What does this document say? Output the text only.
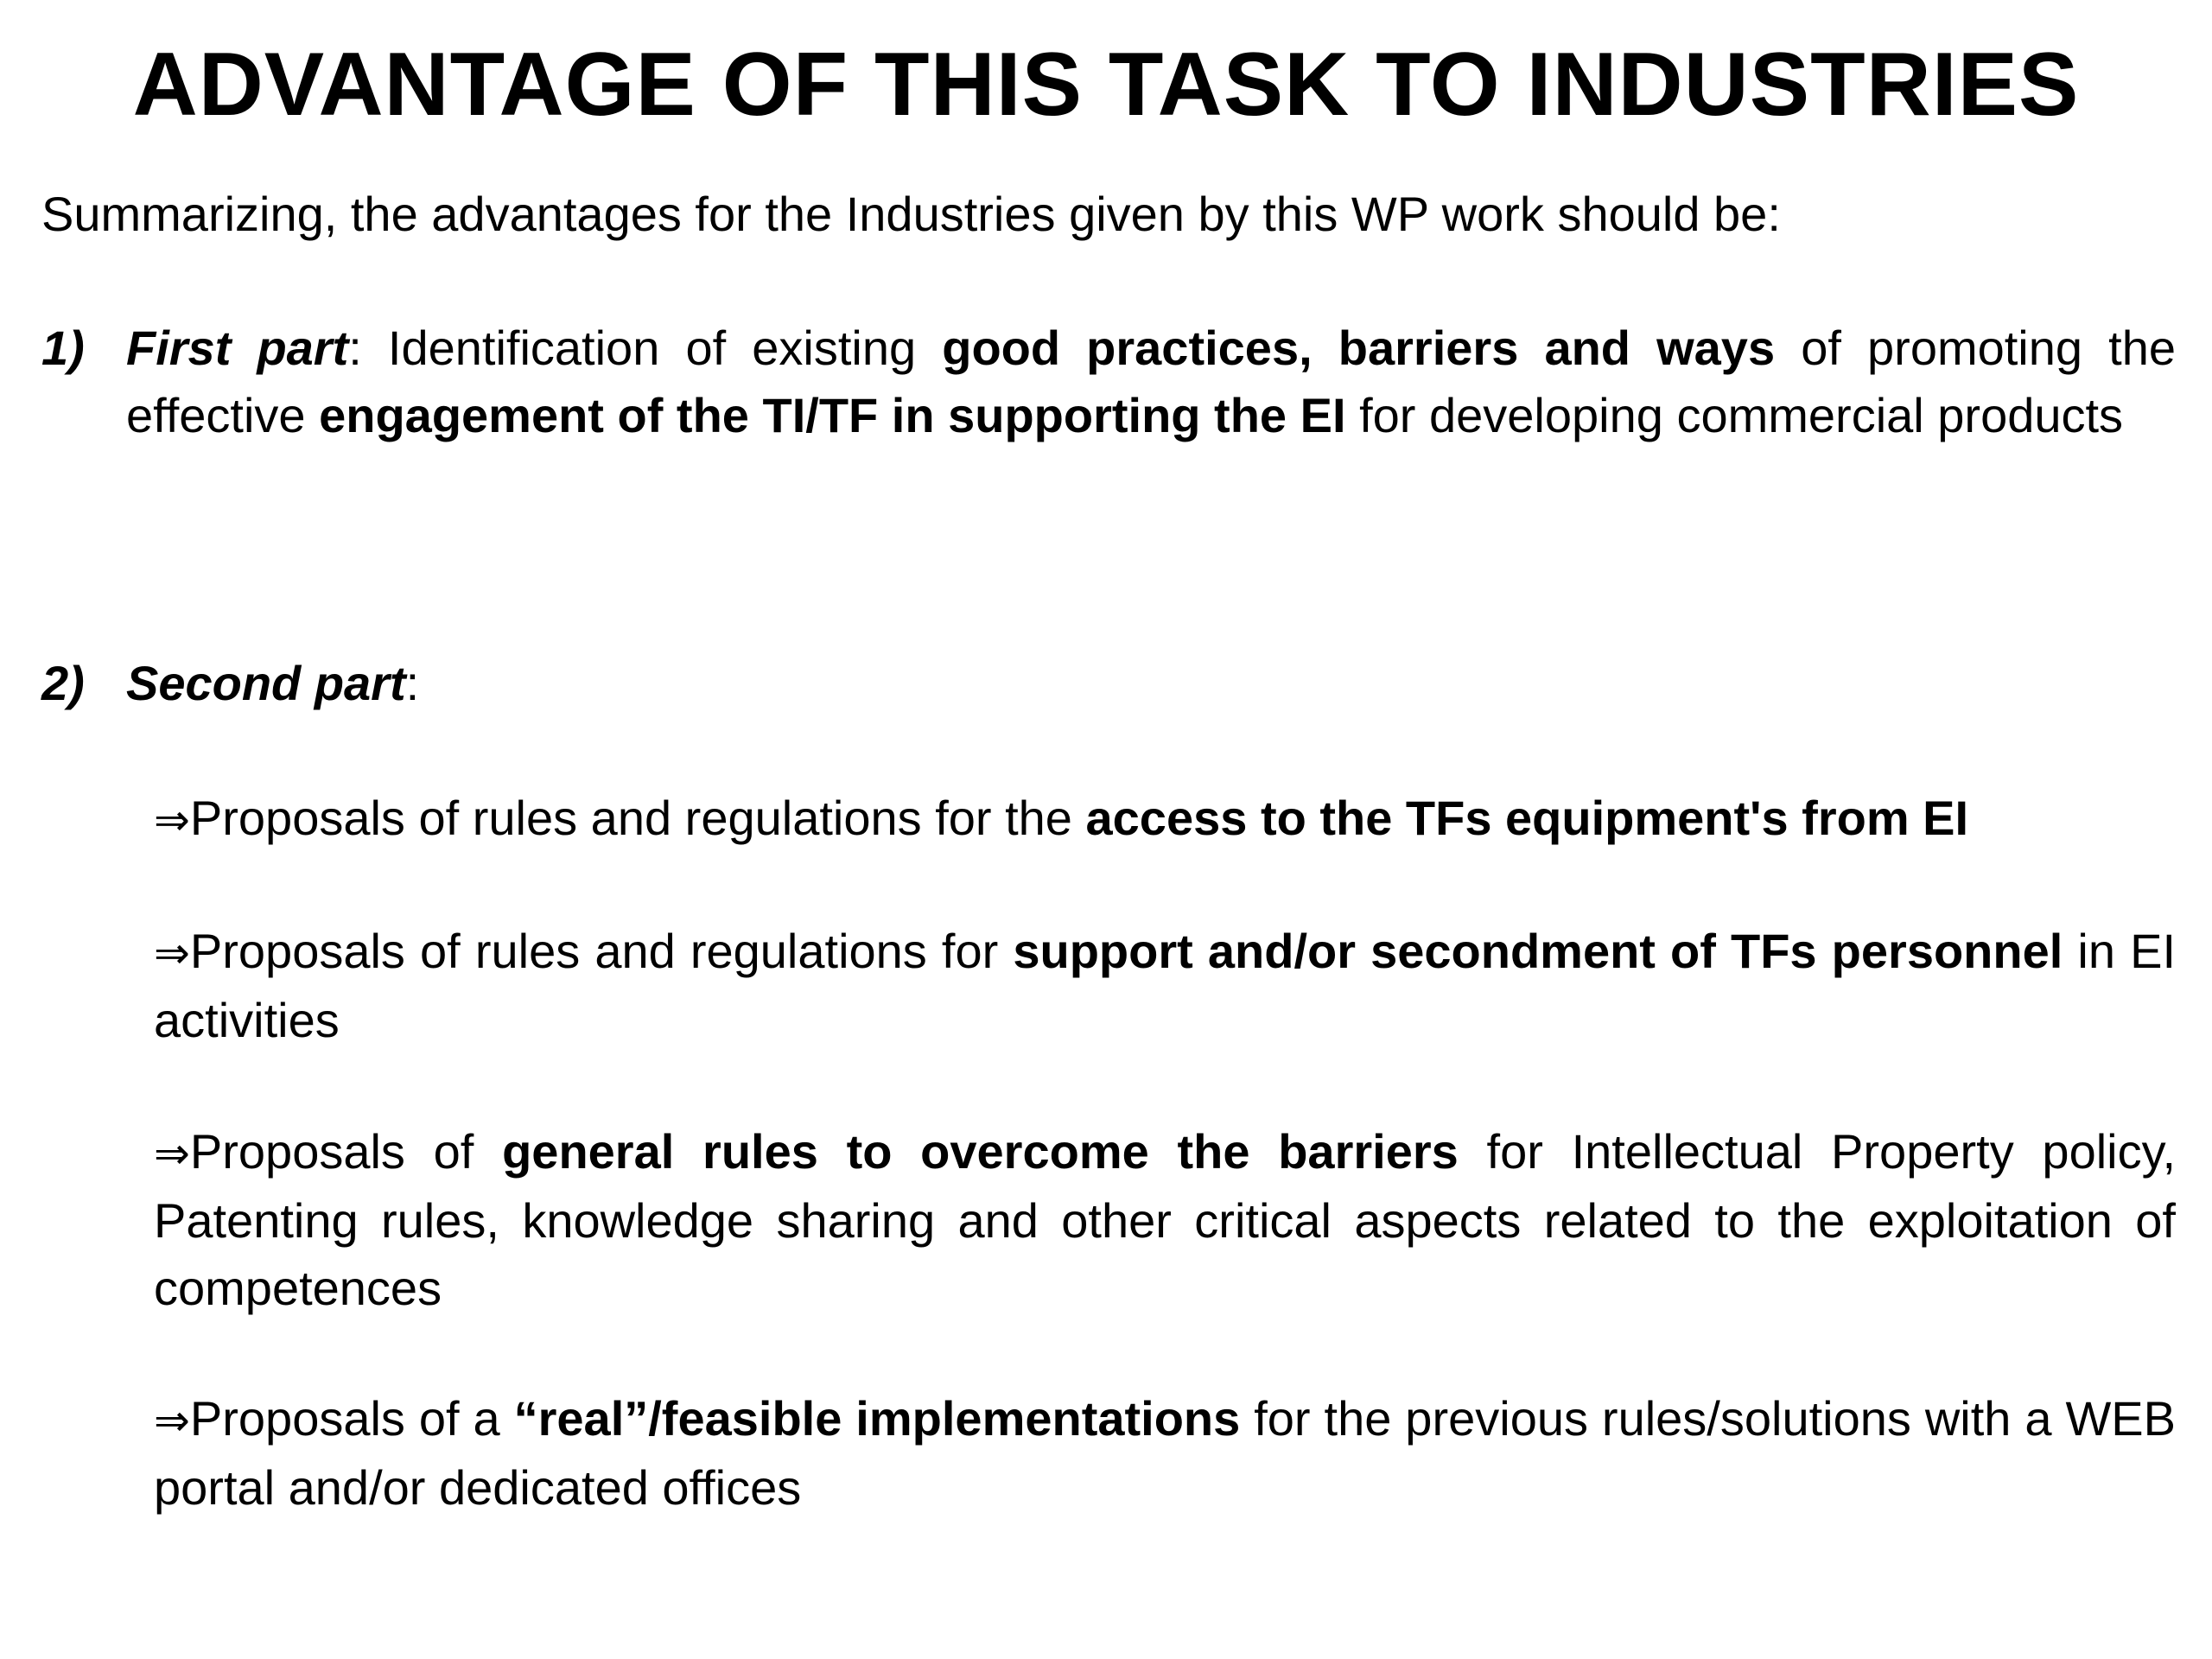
ADVANTAGE OF THIS TASK TO INDUSTRIES

Summarizing, the advantages for the Industries given by this WP work should be:

1) First part: Identification of existing good practices, barriers and ways of promoting the effective engagement of the TI/TF in supporting the EI for developing commercial products
2) Second part:
⇒Proposals of rules and regulations for the access to the TFs equipment's from EI
⇒Proposals of rules and regulations for support and/or secondment of TFs personnel in EI activities
⇒Proposals of general rules to overcome the barriers for Intellectual Property policy, Patenting rules, knowledge sharing and other critical aspects related to the exploitation of competences
⇒Proposals of a “real”/feasible implementations for the previous rules/solutions with a WEB portal and/or dedicated offices
